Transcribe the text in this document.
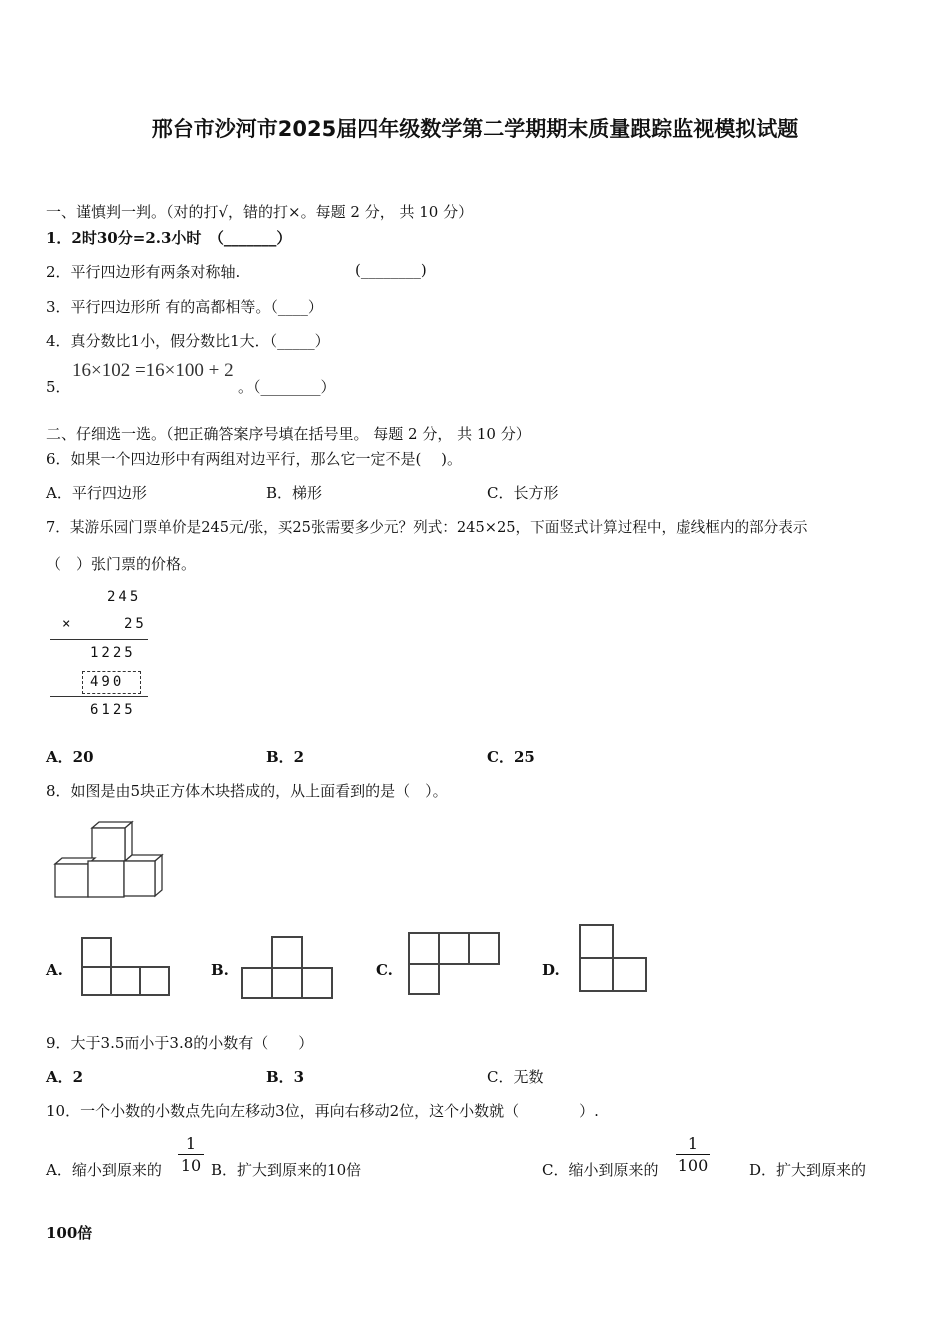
邢台市沙河市2025届四年级数学第二学期期末质量跟踪监视模拟试题
一、谨慎判一判。（对的打√，错的打×。每题 2 分， 共 10 分）
1．2时30分=2.3小时　（_______）
2．平行四边形有两条对称轴.	(________)
3．平行四边形所 有的高都相等。（____）
4．真分数比1小，假分数比1大．（_____）
5．
16×102 =16×100 + 2
。（________）
二、仔细选一选。（把正确答案序号填在括号里。 每题 2 分， 共 10 分）
6．如果一个四边形中有两组对边平行，那么它一定不是(　 )。
A．平行四边形	B．梯形	C．长方形
7．某游乐园门票单价是245元/张，买25张需要多少元？列式：245×25，下面竖式计算过程中，虚线框内的部分表示
（　）张门票的价格。
245
×	25
1225
490
6125
A．20	B．2	C．25
8．如图是由5块正方体木块搭成的，从上面看到的是（　）。
A.	B.	C.	D.
9．大于3.5而小于3.8的小数有（　　）
A．2	B．3	C．无数
10．一个小数的小数点先向左移动3位，再向右移动2位，这个小数就（　　　　）.
A．缩小到原来的
1
10 B．扩大到原来的10倍	C．缩小到原来的
1
100	D．扩大到原来的
100倍
